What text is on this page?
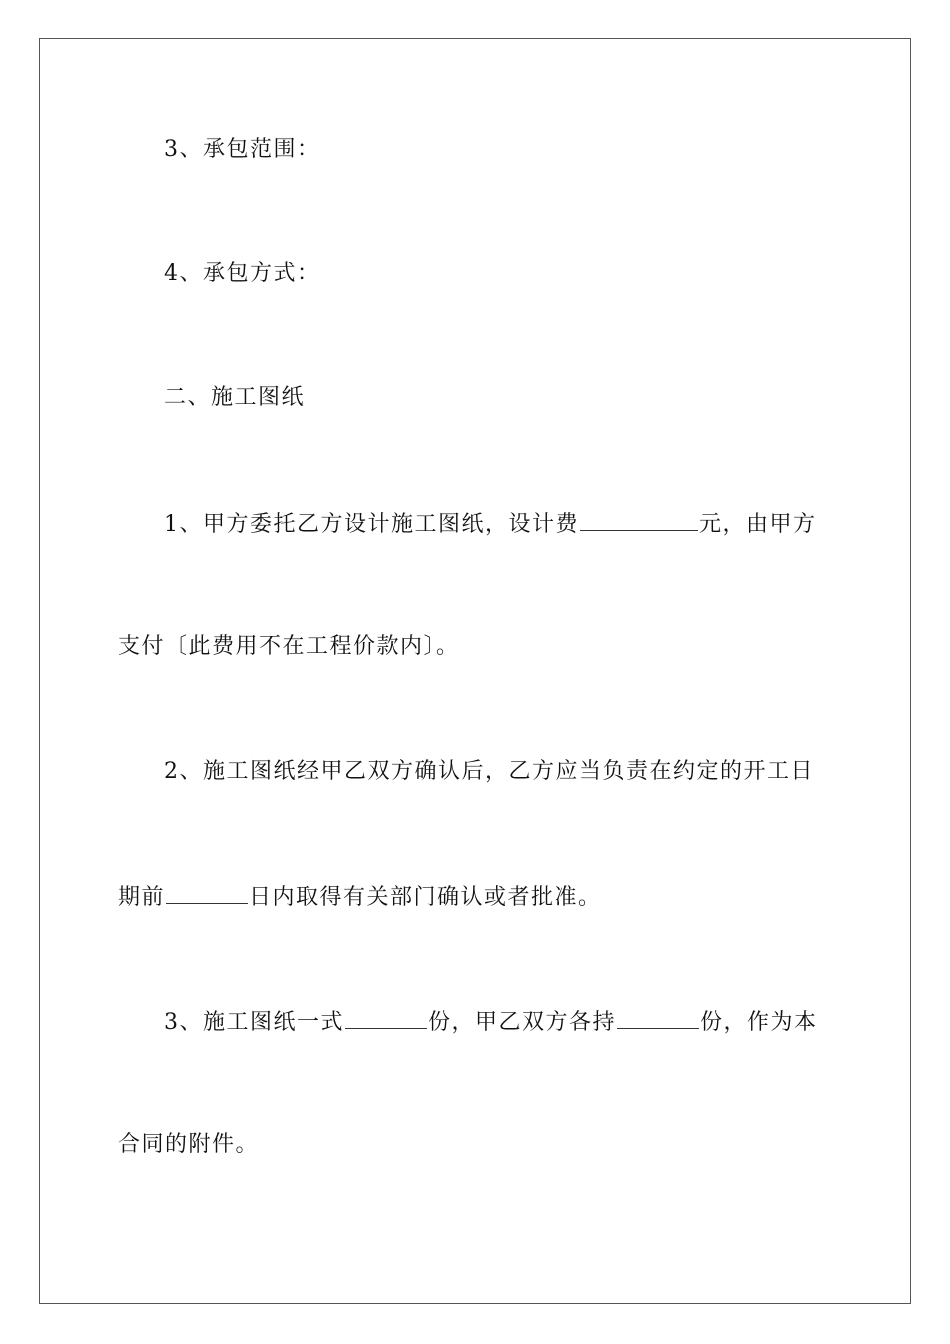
3、承包范围：
4、承包方式：
二、施工图纸
1、甲方委托乙方设计施工图纸，设计费	元，由甲方
支付〔此费用不在工程价款内〕。
2、施工图纸经甲乙双方确认后，乙方应当负责在约定的开工日
期前	日内取得有关部门确认或者批准。
3、施工图纸一式	份，甲乙双方各持	份，作为本
合同的附件。
